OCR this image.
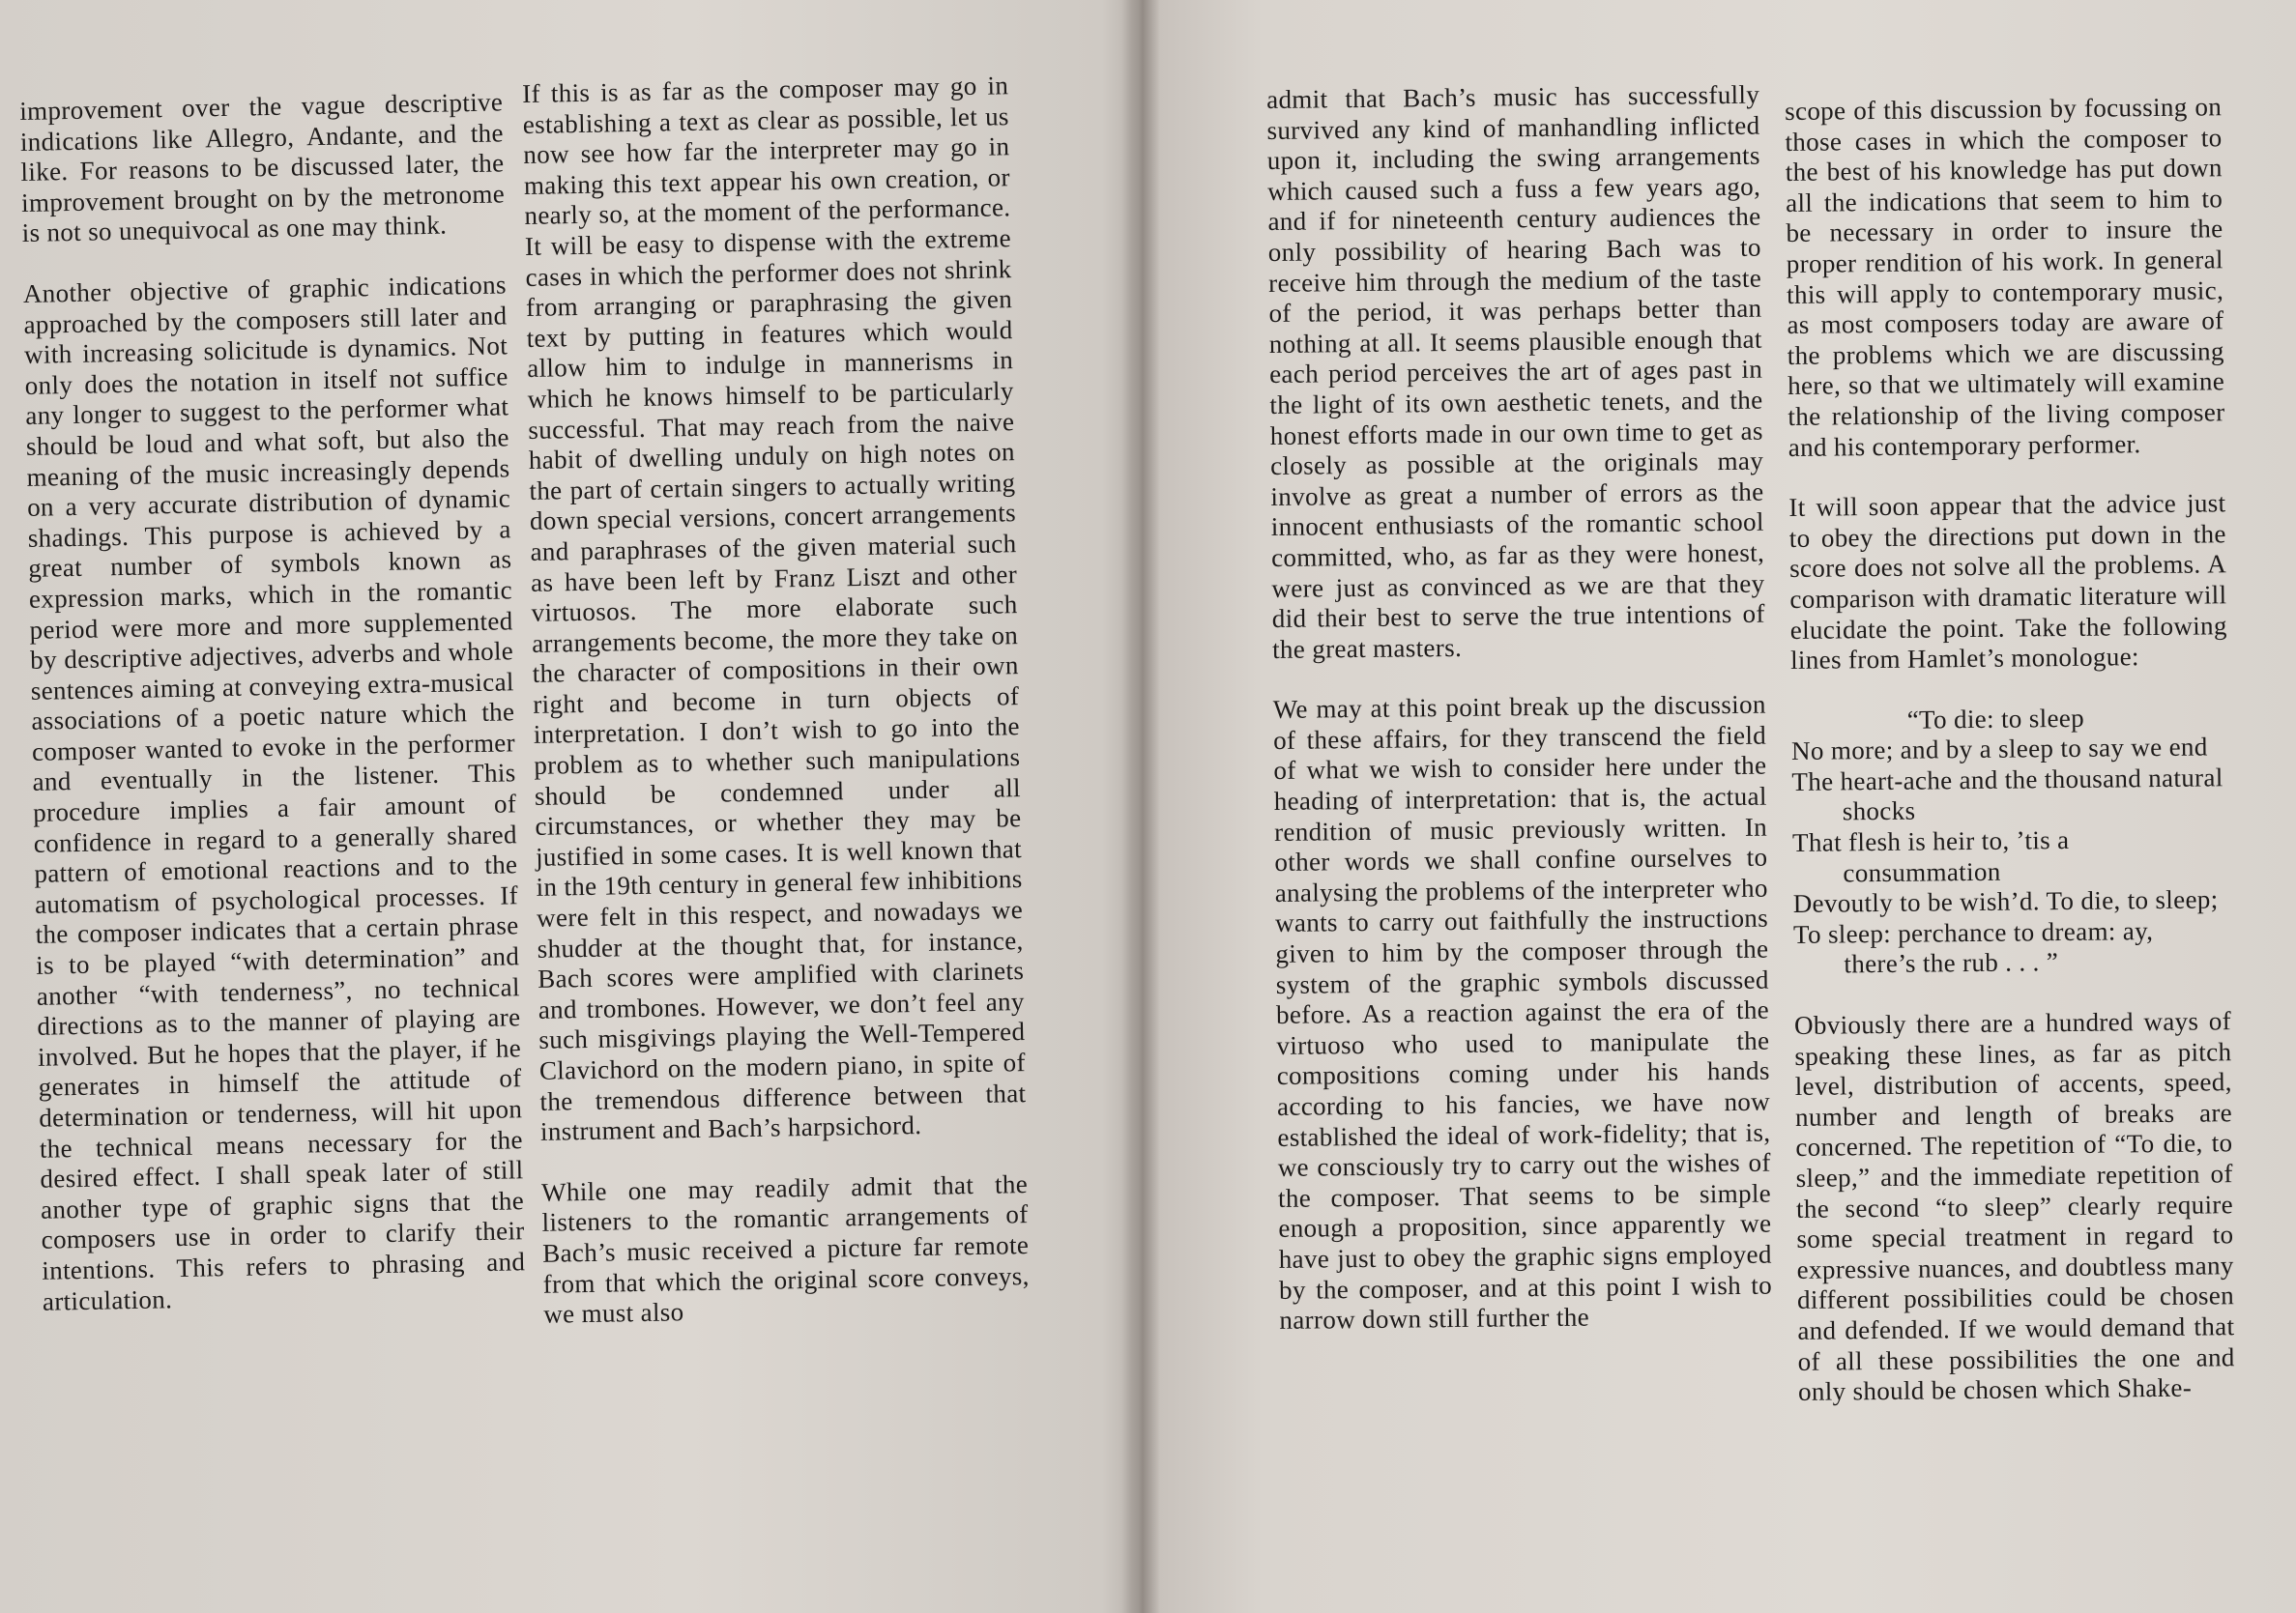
improvement over the vague descriptive indications like Allegro, Andante, and the like. For reasons to be discussed later, the improvement brought on by the metronome is not so unequivocal as one may think.

Another objective of graphic indications approached by the composers still later and with increasing solicitude is dynamics. Not only does the notation in itself not suffice any longer to suggest to the performer what should be loud and what soft, but also the meaning of the music increasingly depends on a very accurate distribution of dynamic shadings. This purpose is achieved by a great number of symbols known as expression marks, which in the romantic period were more and more supplemented by descriptive adjectives, adverbs and whole sentences aiming at conveying extra-musical associations of a poetic nature which the composer wanted to evoke in the performer and eventually in the listener. This procedure implies a fair amount of confidence in regard to a generally shared pattern of emotional reactions and to the automatism of psychological processes. If the composer indicates that a certain phrase is to be played “with determination” and another “with tenderness”, no technical directions as to the manner of playing are involved. But he hopes that the player, if he generates in himself the attitude of determination or tenderness, will hit upon the technical means necessary for the desired effect. I shall speak later of still another type of graphic signs that the composers use in order to clarify their intentions. This refers to phrasing and articulation.

If this is as far as the composer may go in establishing a text as clear as possible, let us now see how far the interpreter may go in making this text appear his own creation, or nearly so, at the moment of the performance. It will be easy to dispense with the extreme cases in which the performer does not shrink from arranging or paraphrasing the given text by putting in features which would allow him to indulge in mannerisms in which he knows himself to be particularly successful. That may reach from the naive habit of dwelling unduly on high notes on the part of certain singers to actually writing down special versions, concert arrangements and paraphrases of the given material such as have been left by Franz Liszt and other virtuosos. The more elaborate such arrangements become, the more they take on the character of compositions in their own right and become in turn objects of interpretation. I don’t wish to go into the problem as to whether such manipulations should be condemned under all circumstances, or whether they may be justified in some cases. It is well known that in the 19th century in general few inhibitions were felt in this respect, and nowadays we shudder at the thought that, for instance, Bach scores were amplified with clarinets and trombones. However, we don’t feel any such misgivings playing the Well-Tempered Clavichord on the modern piano, in spite of the tremendous difference between that instrument and Bach’s harpsichord.

While one may readily admit that the listeners to the romantic arrangements of Bach’s music received a picture far remote from that which the original score conveys, we must also

admit that Bach’s music has successfully survived any kind of manhandling inflicted upon it, including the swing arrangements which caused such a fuss a few years ago, and if for nineteenth century audiences the only possibility of hearing Bach was to receive him through the medium of the taste of the period, it was perhaps better than nothing at all. It seems plausible enough that each period perceives the art of ages past in the light of its own aesthetic tenets, and the honest efforts made in our own time to get as closely as possible at the originals may involve as great a number of errors as the innocent enthusiasts of the romantic school committed, who, as far as they were honest, were just as convinced as we are that they did their best to serve the true intentions of the great masters.

We may at this point break up the discussion of these affairs, for they transcend the field of what we wish to consider here under the heading of interpretation: that is, the actual rendition of music previously written. In other words we shall confine ourselves to analysing the problems of the interpreter who wants to carry out faithfully the instructions given to him by the composer through the system of the graphic symbols discussed before. As a reaction against the era of the virtuoso who used to manipulate the compositions coming under his hands according to his fancies, we have now established the ideal of work-fidelity; that is, we consciously try to carry out the wishes of the composer. That seems to be simple enough a proposition, since apparently we have just to obey the graphic signs employed by the composer, and at this point I wish to narrow down still further the

scope of this discussion by focussing on those cases in which the composer to the best of his knowledge has put down all the indications that seem to him to be necessary in order to insure the proper rendition of his work. In general this will apply to contemporary music, as most composers today are aware of the problems which we are discussing here, so that we ultimately will examine the relationship of the living composer and his contemporary performer.

It will soon appear that the advice just to obey the directions put down in the score does not solve all the problems. A comparison with dramatic literature will elucidate the point. Take the following lines from Hamlet’s monologue:

“To die: to sleep
No more; and by a sleep to say we end
The heart-ache and the thousand natural shocks
That flesh is heir to, ’tis a consummation
Devoutly to be wish’d. To die, to sleep;
To sleep: perchance to dream: ay, there’s the rub . . . ”

Obviously there are a hundred ways of speaking these lines, as far as pitch level, distribution of accents, speed, number and length of breaks are concerned. The repetition of “To die, to sleep,” and the immediate repetition of the second “to sleep” clearly require some special treatment in regard to expressive nuances, and doubtless many different possibilities could be chosen and defended. If we would demand that of all these possibilities the one and only should be chosen which Shake-
